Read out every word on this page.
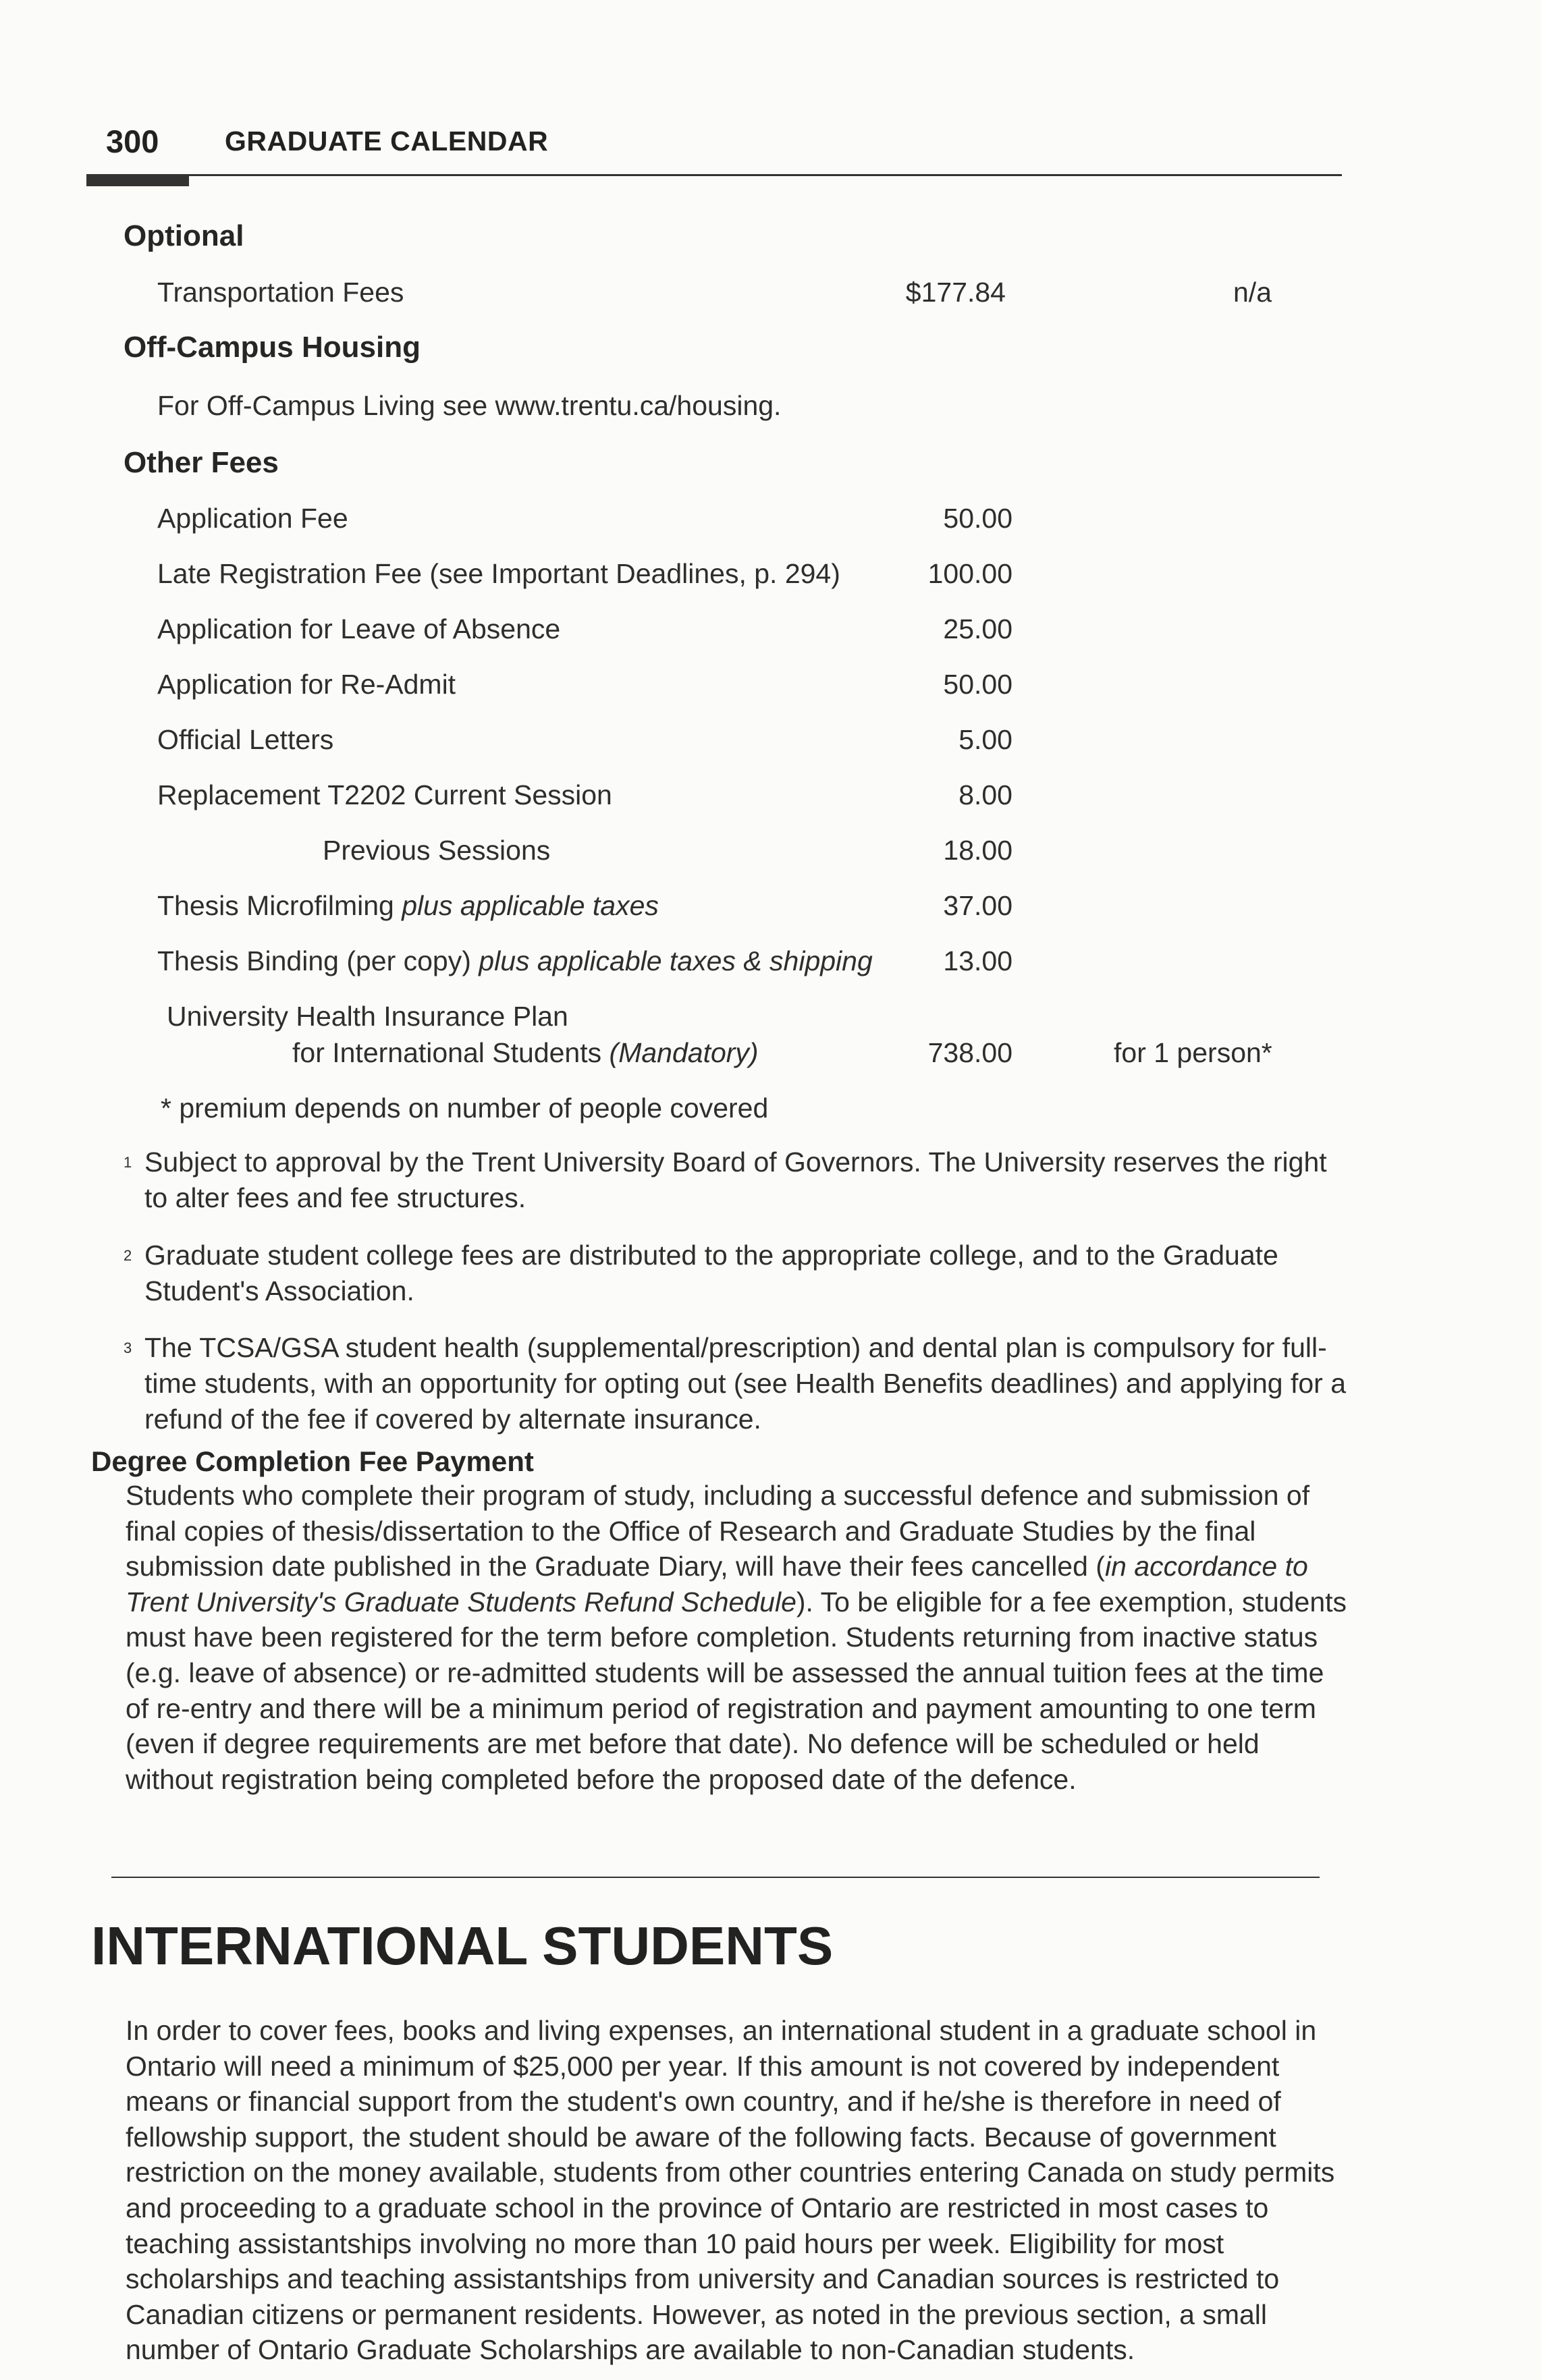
300 GRADUATE CALENDAR
Optional
Transportation Fees	$177.84	n/a
Off-Campus Housing
For Off-Campus Living see www.trentu.ca/housing.
Other Fees
Application Fee	50.00
Late Registration Fee (see Important Deadlines, p. 294)	100.00
Application for Leave of Absence	25.00
Application for Re-Admit	50.00
Official Letters	5.00
Replacement T2202 Current Session	8.00
Previous Sessions	18.00
Thesis Microfilming plus applicable taxes	37.00
Thesis Binding (per copy) plus applicable taxes & shipping	13.00
University Health Insurance Plan
for International Students (Mandatory)	738.00	for 1 person*
* premium depends on number of people covered
1 Subject to approval by the Trent University Board of Governors. The University reserves the right to alter fees and fee structures.
2 Graduate student college fees are distributed to the appropriate college, and to the Graduate Student's Association.
3 The TCSA/GSA student health (supplemental/prescription) and dental plan is compulsory for full-time students, with an opportunity for opting out (see Health Benefits deadlines) and applying for a refund of the fee if covered by alternate insurance.
Degree Completion Fee Payment
Students who complete their program of study, including a successful defence and submission of final copies of thesis/dissertation to the Office of Research and Graduate Studies by the final submission date published in the Graduate Diary, will have their fees cancelled (in accordance to Trent University's Graduate Students Refund Schedule). To be eligible for a fee exemption, students must have been registered for the term before completion. Students returning from inactive status (e.g. leave of absence) or re-admitted students will be assessed the annual tuition fees at the time of re-entry and there will be a minimum period of registration and payment amounting to one term (even if degree requirements are met before that date). No defence will be scheduled or held without registration being completed before the proposed date of the defence.
INTERNATIONAL STUDENTS
In order to cover fees, books and living expenses, an international student in a graduate school in Ontario will need a minimum of $25,000 per year. If this amount is not covered by independent means or financial support from the student's own country, and if he/she is therefore in need of fellowship support, the student should be aware of the following facts. Because of government restriction on the money available, students from other countries entering Canada on study permits and proceeding to a graduate school in the province of Ontario are restricted in most cases to teaching assistantships involving no more than 10 paid hours per week. Eligibility for most scholarships and teaching assistantships from university and Canadian sources is restricted to Canadian citizens or permanent residents. However, as noted in the previous section, a small number of Ontario Graduate Scholarships are available to non-Canadian students.
